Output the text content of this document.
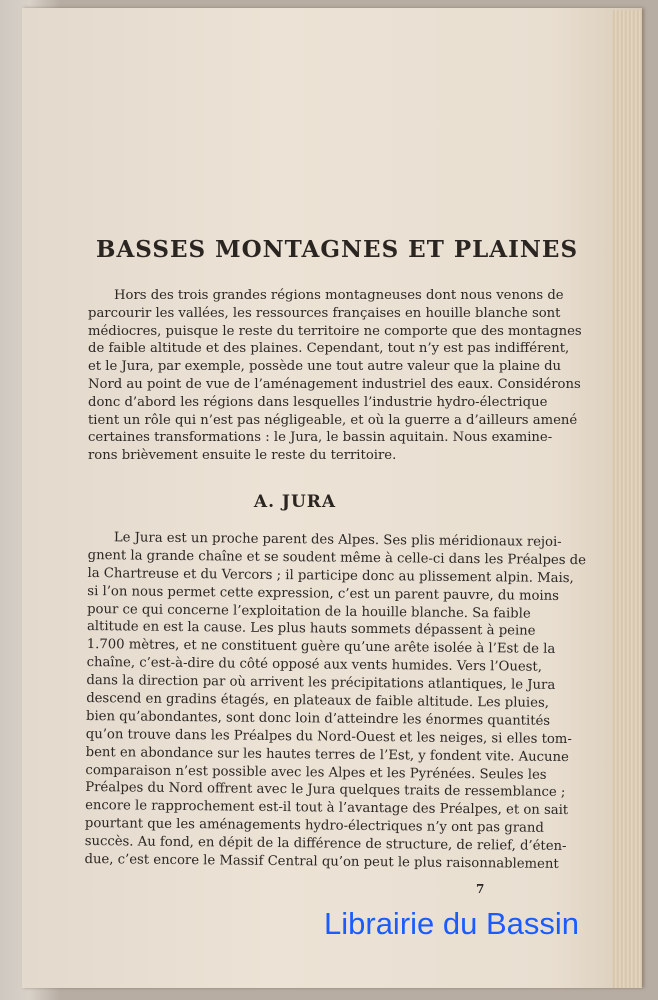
BASSES MONTAGNES ET PLAINES
Hors des trois grandes régions montagneuses dont nous venons de
parcourir les vallées, les ressources françaises en houille blanche sont
médiocres, puisque le reste du territoire ne comporte que des montagnes
de faible altitude et des plaines. Cependant, tout n’y est pas indifférent,
et le Jura, par exemple, possède une tout autre valeur que la plaine du
Nord au point de vue de l’aménagement industriel des eaux. Considérons
donc d’abord les régions dans lesquelles l’industrie hydro-électrique
tient un rôle qui n’est pas négligeable, et où la guerre a d’ailleurs amené
certaines transformations : le Jura, le bassin aquitain. Nous examine-
rons brièvement ensuite le reste du territoire.
A. JURA
Le Jura est un proche parent des Alpes. Ses plis méridionaux rejoi-
gnent la grande chaîne et se soudent même à celle-ci dans les Préalpes de
la Chartreuse et du Vercors ; il participe donc au plissement alpin. Mais,
si l’on nous permet cette expression, c’est un parent pauvre, du moins
pour ce qui concerne l’exploitation de la houille blanche. Sa faible
altitude en est la cause. Les plus hauts sommets dépassent à peine
1.700 mètres, et ne constituent guère qu’une arête isolée à l’Est de la
chaîne, c’est-à-dire du côté opposé aux vents humides. Vers l’Ouest,
dans la direction par où arrivent les précipitations atlantiques, le Jura
descend en gradins étagés, en plateaux de faible altitude. Les pluies,
bien qu’abondantes, sont donc loin d’atteindre les énormes quantités
qu’on trouve dans les Préalpes du Nord-Ouest et les neiges, si elles tom-
bent en abondance sur les hautes terres de l’Est, y fondent vite. Aucune
comparaison n’est possible avec les Alpes et les Pyrénées. Seules les
Préalpes du Nord offrent avec le Jura quelques traits de ressemblance ;
encore le rapprochement est-il tout à l’avantage des Préalpes, et on sait
pourtant que les aménagements hydro-électriques n’y ont pas grand
succès. Au fond, en dépit de la différence de structure, de relief, d’éten-
due, c’est encore le Massif Central qu’on peut le plus raisonnablement
7
Librairie du Bassin
